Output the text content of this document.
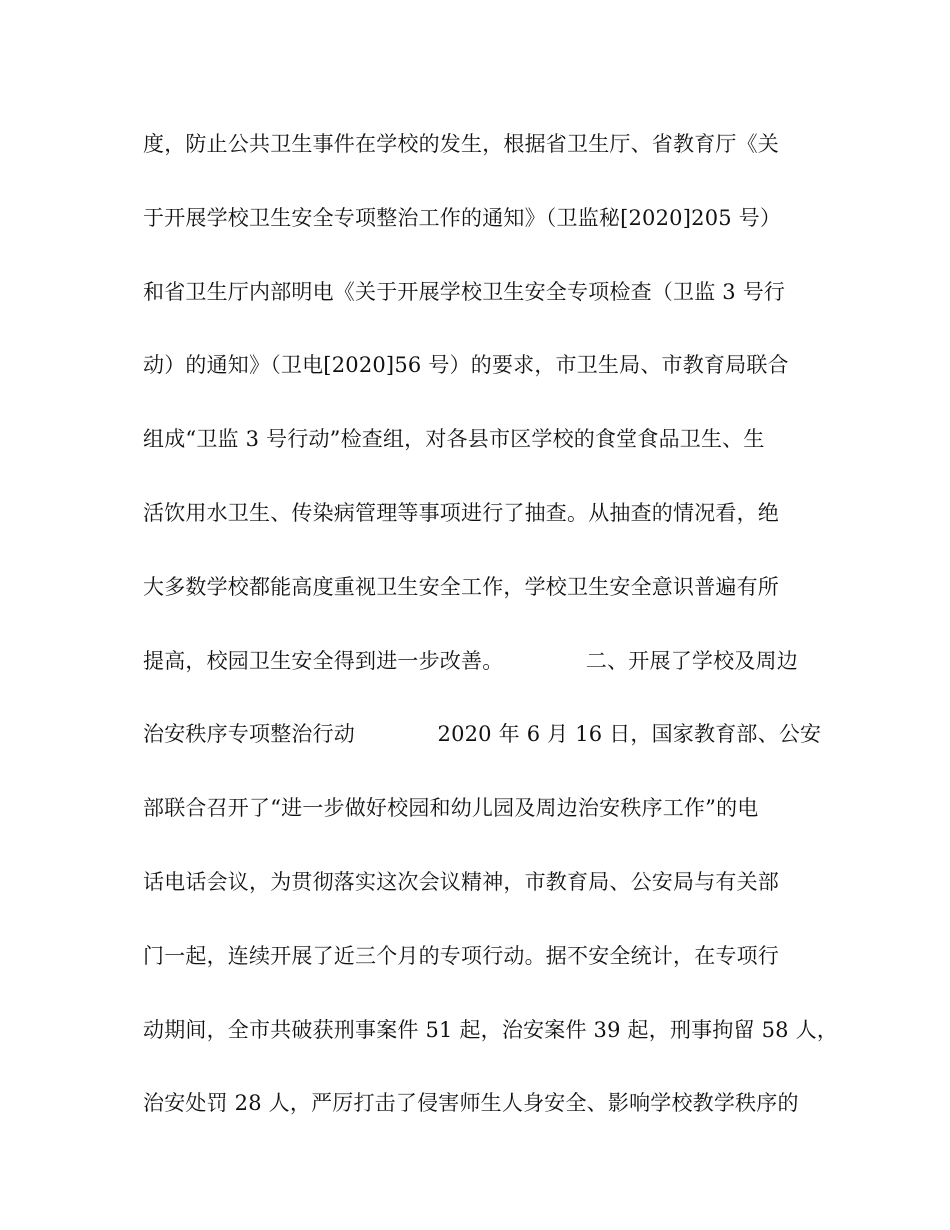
度，防止公共卫生事件在学校的发生，根据省卫生厅、省教育厅《关
于开展学校卫生安全专项整治工作的通知》（卫监秘[2020]205 号）
和省卫生厅内部明电《关于开展学校卫生安全专项检查（卫监 3 号行
动）的通知》（卫电[2020]56 号）的要求，市卫生局、市教育局联合
组成“卫监 3 号行动”检查组，对各县市区学校的食堂食品卫生、生
活饮用水卫生、传染病管理等事项进行了抽查。从抽查的情况看，绝
大多数学校都能高度重视卫生安全工作，学校卫生安全意识普遍有所
提高，校园卫生安全得到进一步改善。            二、开展了学校及周边
治安秩序专项整治行动            2020 年 6 月 16 日，国家教育部、公安
部联合召开了“进一步做好校园和幼儿园及周边治安秩序工作”的电
话电话会议，为贯彻落实这次会议精神，市教育局、公安局与有关部
门一起，连续开展了近三个月的专项行动。据不安全统计，在专项行
动期间，全市共破获刑事案件 51 起，治安案件 39 起，刑事拘留 58 人，
治安处罚 28 人，严厉打击了侵害师生人身安全、影响学校教学秩序的
